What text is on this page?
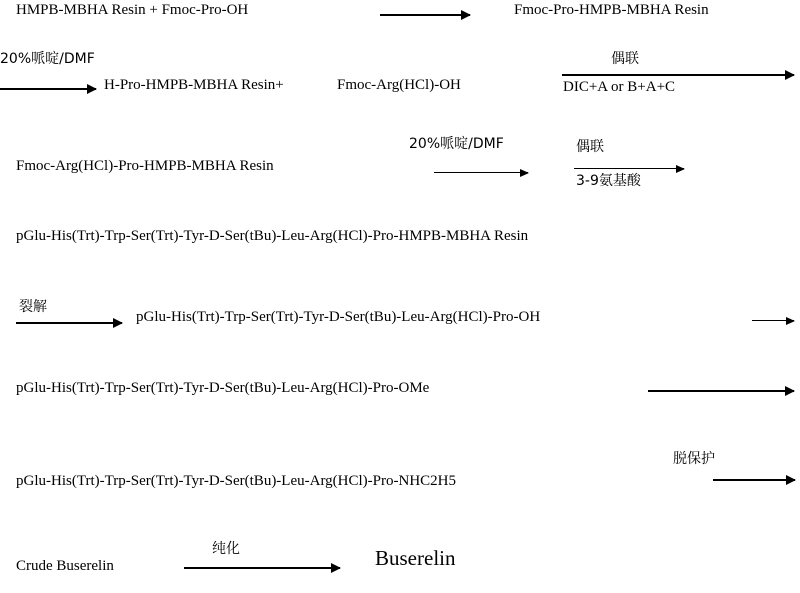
HMPB-MBHA Resin + Fmoc-Pro-OH	Fmoc-Pro-HMPB-MBHA Resin
20%哌啶/DMF
H-Pro-HMPB-MBHA Resin+	Fmoc-Arg(HCl)-OH
偶联
DIC+A or B+A+C
Fmoc-Arg(HCl)-Pro-HMPB-MBHA Resin
20%哌啶/DMF	偶联
3-9氨基酸
pGlu-His(Trt)-Trp-Ser(Trt)-Tyr-D-Ser(tBu)-Leu-Arg(HCl)-Pro-HMPB-MBHA Resin
裂解
pGlu-His(Trt)-Trp-Ser(Trt)-Tyr-D-Ser(tBu)-Leu-Arg(HCl)-Pro-OH
pGlu-His(Trt)-Trp-Ser(Trt)-Tyr-D-Ser(tBu)-Leu-Arg(HCl)-Pro-OMe
pGlu-His(Trt)-Trp-Ser(Trt)-Tyr-D-Ser(tBu)-Leu-Arg(HCl)-Pro-NHC2H5
脱保护
Crude Buserelin
纯化	Buserelin
